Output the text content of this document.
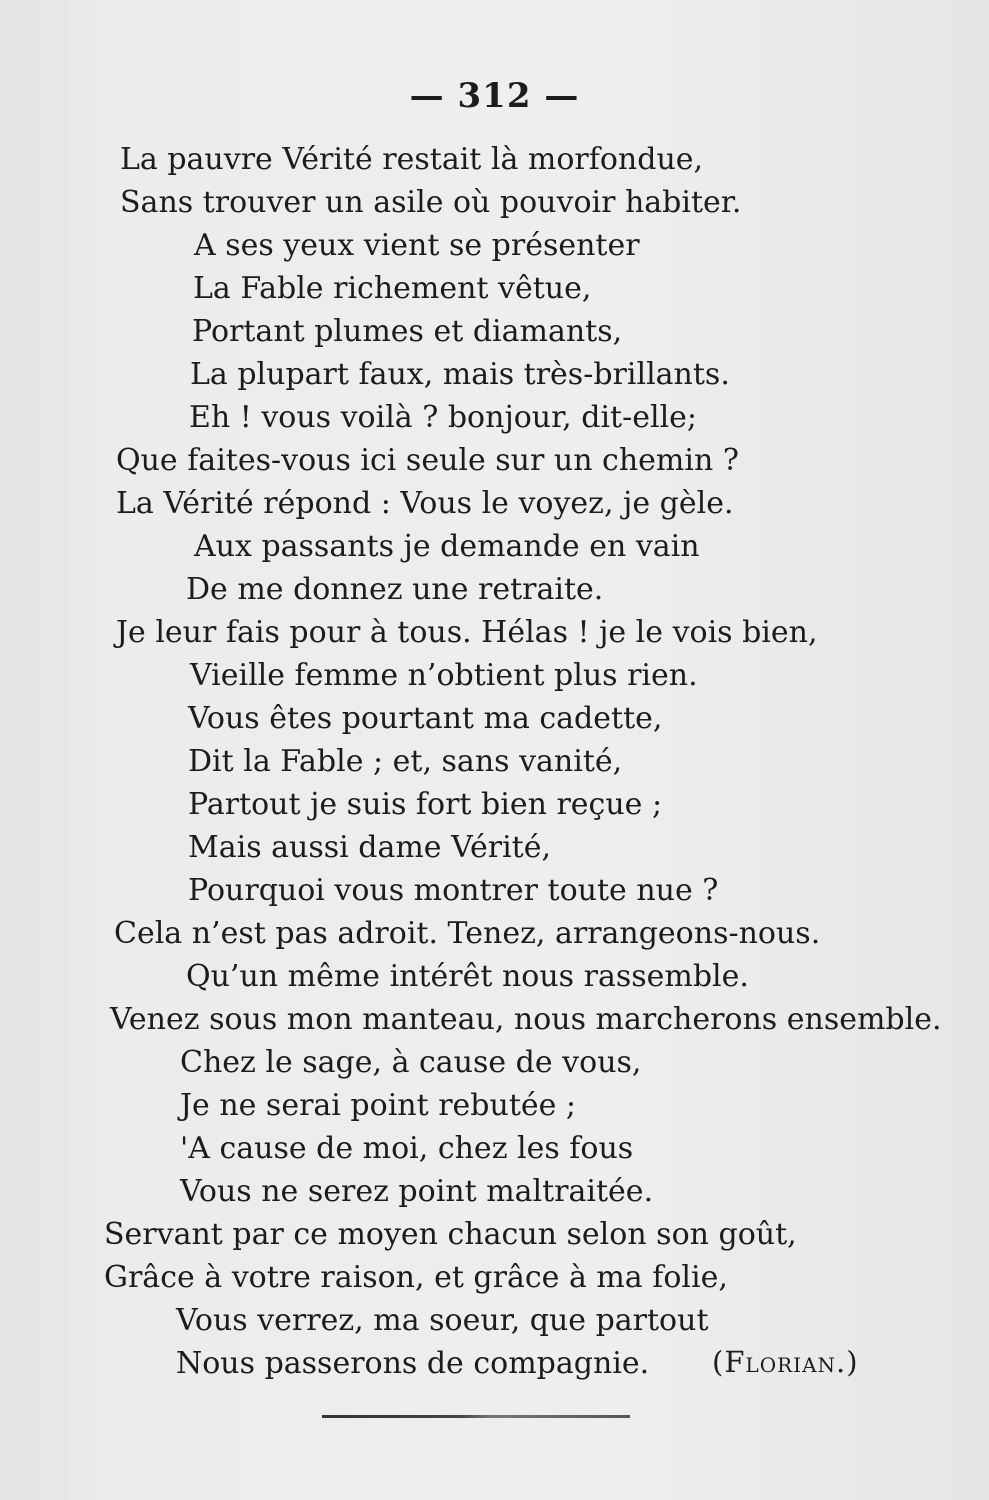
— 312 —
La pauvre Vérité restait là morfondue,
Sans trouver un asile où pouvoir habiter.
A ses yeux vient se présenter
La Fable richement vêtue,
Portant plumes et diamants,
La plupart faux, mais très-brillants.
Eh ! vous voilà ? bonjour, dit-elle;
Que faites-vous ici seule sur un chemin ?
La Vérité répond : Vous le voyez, je gèle.
Aux passants je demande en vain
De me donnez une retraite.
Je leur fais pour à tous. Hélas ! je le vois bien,
Vieille femme n’obtient plus rien.
Vous êtes pourtant ma cadette,
Dit la Fable ; et, sans vanité,
Partout je suis fort bien reçue ;
Mais aussi dame Vérité,
Pourquoi vous montrer toute nue ?
Cela n’est pas adroit. Tenez, arrangeons-nous.
Qu’un même intérêt nous rassemble.
Venez sous mon manteau, nous marcherons ensemble.
Chez le sage, à cause de vous,
Je ne serai point rebutée ;
'A cause de moi, chez les fous
Vous ne serez point maltraitée.
Servant par ce moyen chacun selon son goût,
Grâce à votre raison, et grâce à ma folie,
Vous verrez, ma soeur, que partout
Nous passerons de compagnie. (Florian.)
